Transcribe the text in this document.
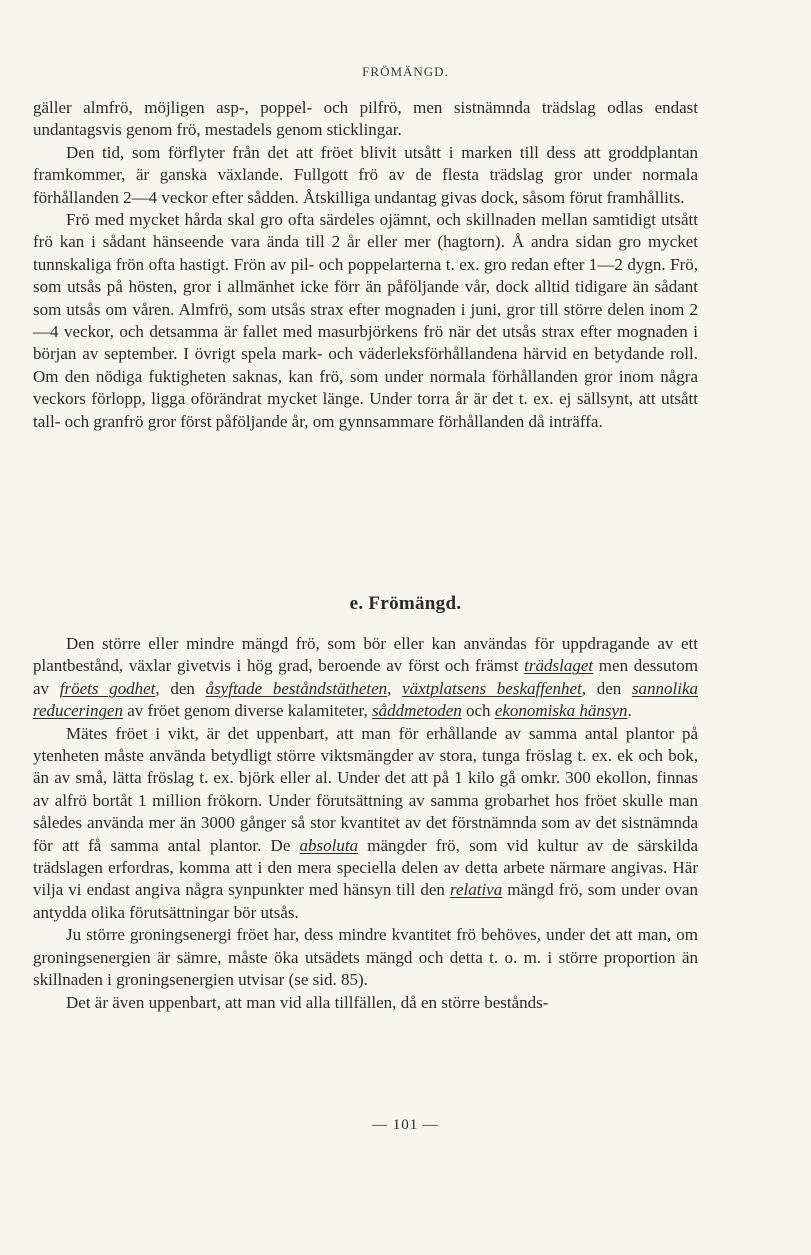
FRÖMÄNGD.

gäller almfrö, möjligen asp-, poppel- och pilfrö, men sistnämnda trädslag odlas endast undantagsvis genom frö, mestadels genom sticklingar.

Den tid, som förflyter från det att fröet blivit utsått i marken till dess att groddplantan framkommer, är ganska växlande. Fullgott frö av de flesta trädslag gror under normala förhållanden 2—4 veckor efter sådden. Åtskilliga undantag givas dock, såsom förut framhållits.

Frö med mycket hårda skal gro ofta särdeles ojämnt, och skillnaden mellan samtidigt utsått frö kan i sådant hänseende vara ända till 2 år eller mer (hagtorn). Å andra sidan gro mycket tunnskaliga frön ofta hastigt. Frön av pil- och poppelarterna t. ex. gro redan efter 1—2 dygn. Frö, som utsås på hösten, gror i allmänhet icke förr än påföljande vår, dock alltid tidigare än sådant som utsås om våren. Almfrö, som utsås strax efter mognaden i juni, gror till större delen inom 2—4 veckor, och detsamma är fallet med masurbjörkens frö när det utsås strax efter mognaden i början av september. I övrigt spela mark- och väderleksförhållandena härvid en betydande roll. Om den nödiga fuktigheten saknas, kan frö, som under normala förhållanden gror inom några veckors förlopp, ligga oförändrat mycket länge. Under torra år är det t. ex. ej sällsynt, att utsått tall- och granfrö gror först påföljande år, om gynnsammare förhållanden då inträffa.

e. Frömängd.

Den större eller mindre mängd frö, som bör eller kan användas för uppdragande av ett plantbestånd, växlar givetvis i hög grad, beroende av först och främst trädslaget men dessutom av fröets godhet, den åsyftade beståndstätheten, växtplatsens beskaffenhet, den sannolika reduceringen av fröet genom diverse kalamiteter, såddmetoden och ekonomiska hänsyn.

Mätes fröet i vikt, är det uppenbart, att man för erhållande av samma antal plantor på ytenheten måste använda betydligt större viktsmängder av stora, tunga fröslag t. ex. ek och bok, än av små, lätta fröslag t. ex. björk eller al. Under det att på 1 kilo gå omkr. 300 ekollon, finnas av alfrö bortåt 1 million frökorn. Under förutsättning av samma grobarhet hos fröet skulle man således använda mer än 3000 gånger så stor kvantitet av det förstnämnda som av det sistnämnda för att få samma antal plantor. De absoluta mängder frö, som vid kultur av de särskilda trädslagen erfordras, komma att i den mera speciella delen av detta arbete närmare angivas. Här vilja vi endast angiva några synpunkter med hänsyn till den relativa mängd frö, som under ovan antydda olika förutsättningar bör utsås.

Ju större groningsenergi fröet har, dess mindre kvantitet frö behöves, under det att man, om groningsenergien är sämre, måste öka utsädets mängd och detta t. o. m. i större proportion än skillnaden i groningsenergien utvisar (se sid. 85).

Det är även uppenbart, att man vid alla tillfällen, då en större bestånds-

— 101 —
